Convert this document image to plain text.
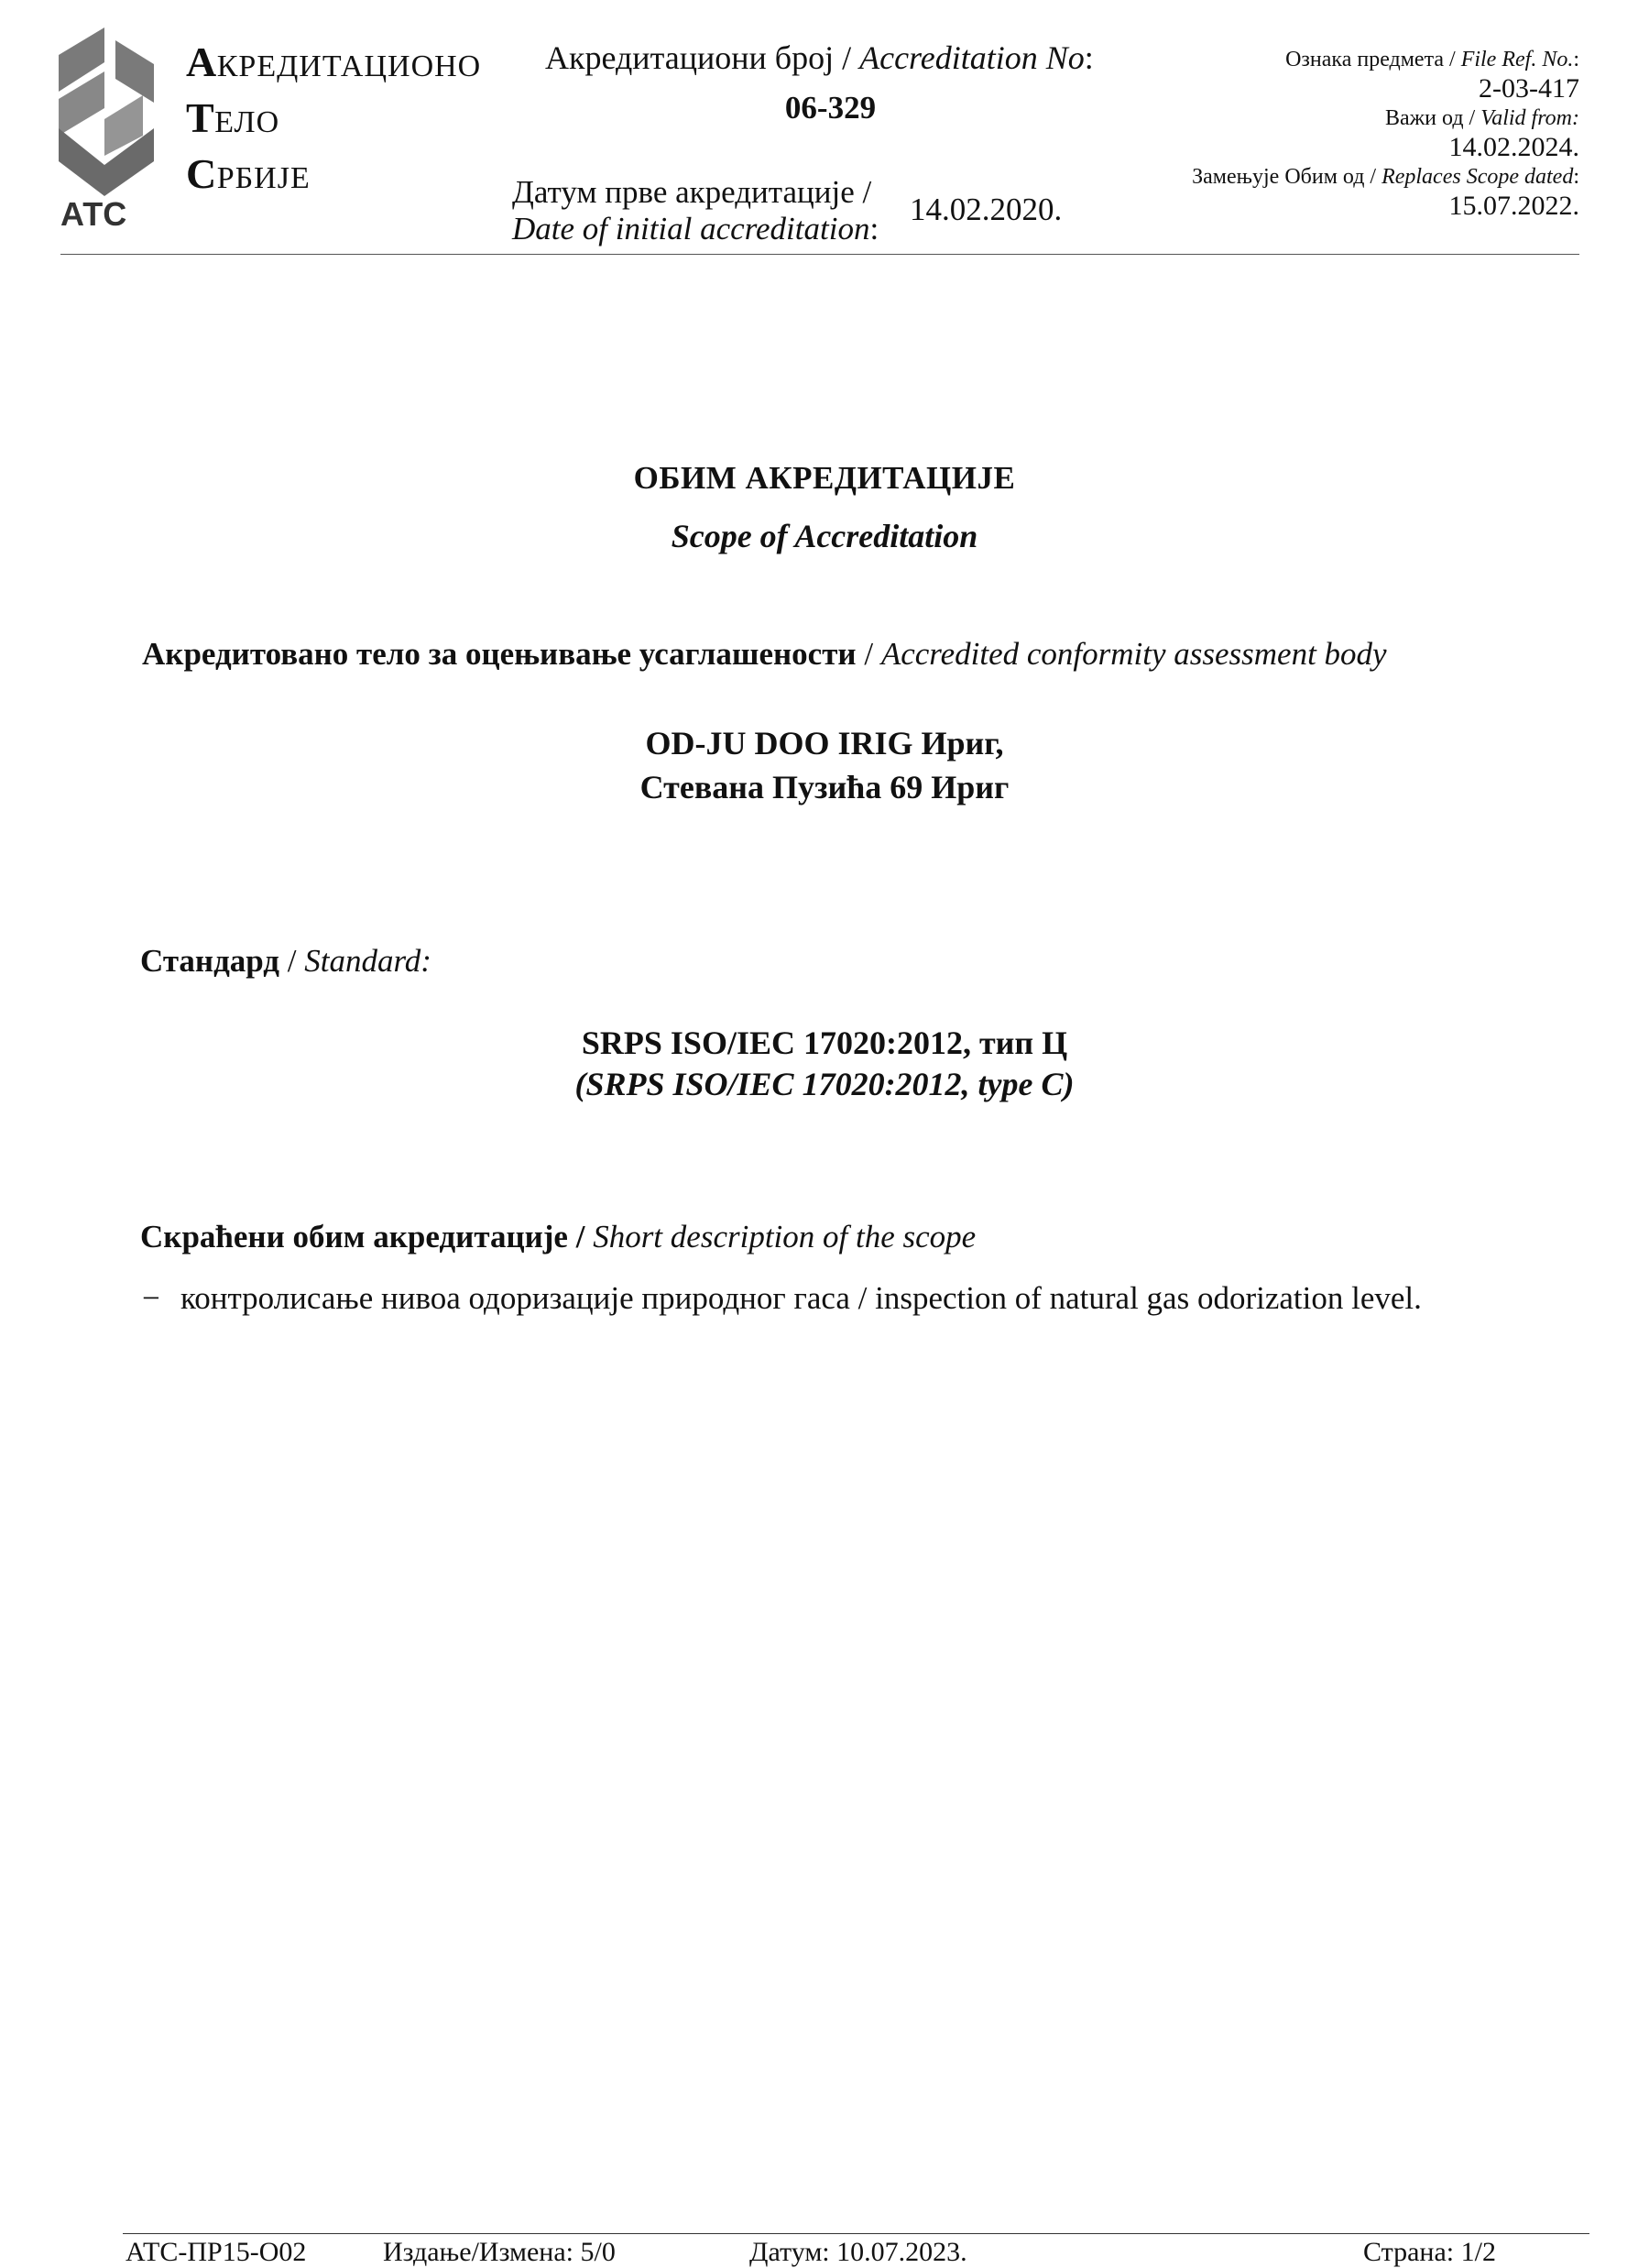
АТС
АКРЕДИТАЦИОНО
ТЕЛО
СРБИЈЕ
Акредитациони број / Accreditation No:
06-329
Датум прве акредитације /
Date of initial accreditation:
14.02.2020.
Ознака предмета / File Ref. No.:
2-03-417
Важи од / Valid from:
14.02.2024.
Замењује Обим од / Replaces Scope dated:
15.07.2022.
ОБИМ АКРЕДИТАЦИЈЕ
Scope of Accreditation
Акредитовано тело за оцењивање усаглашености / Accredited conformity assessment body
OD-JU DOO IRIG Ириг,
Стевана Пузића 69 Ириг
Стандард / Standard:
SRPS ISO/IEC 17020:2012, тип Ц
(SRPS ISO/IEC 17020:2012, type C)
Скраћени обим акредитације / Short description of the scope
− контролисање нивоа одоризације природног гаса / inspection of natural gas odorization level.
АТС-ПР15-О02	Издање/Измена: 5/0	Датум: 10.07.2023.	Страна: 1/2
